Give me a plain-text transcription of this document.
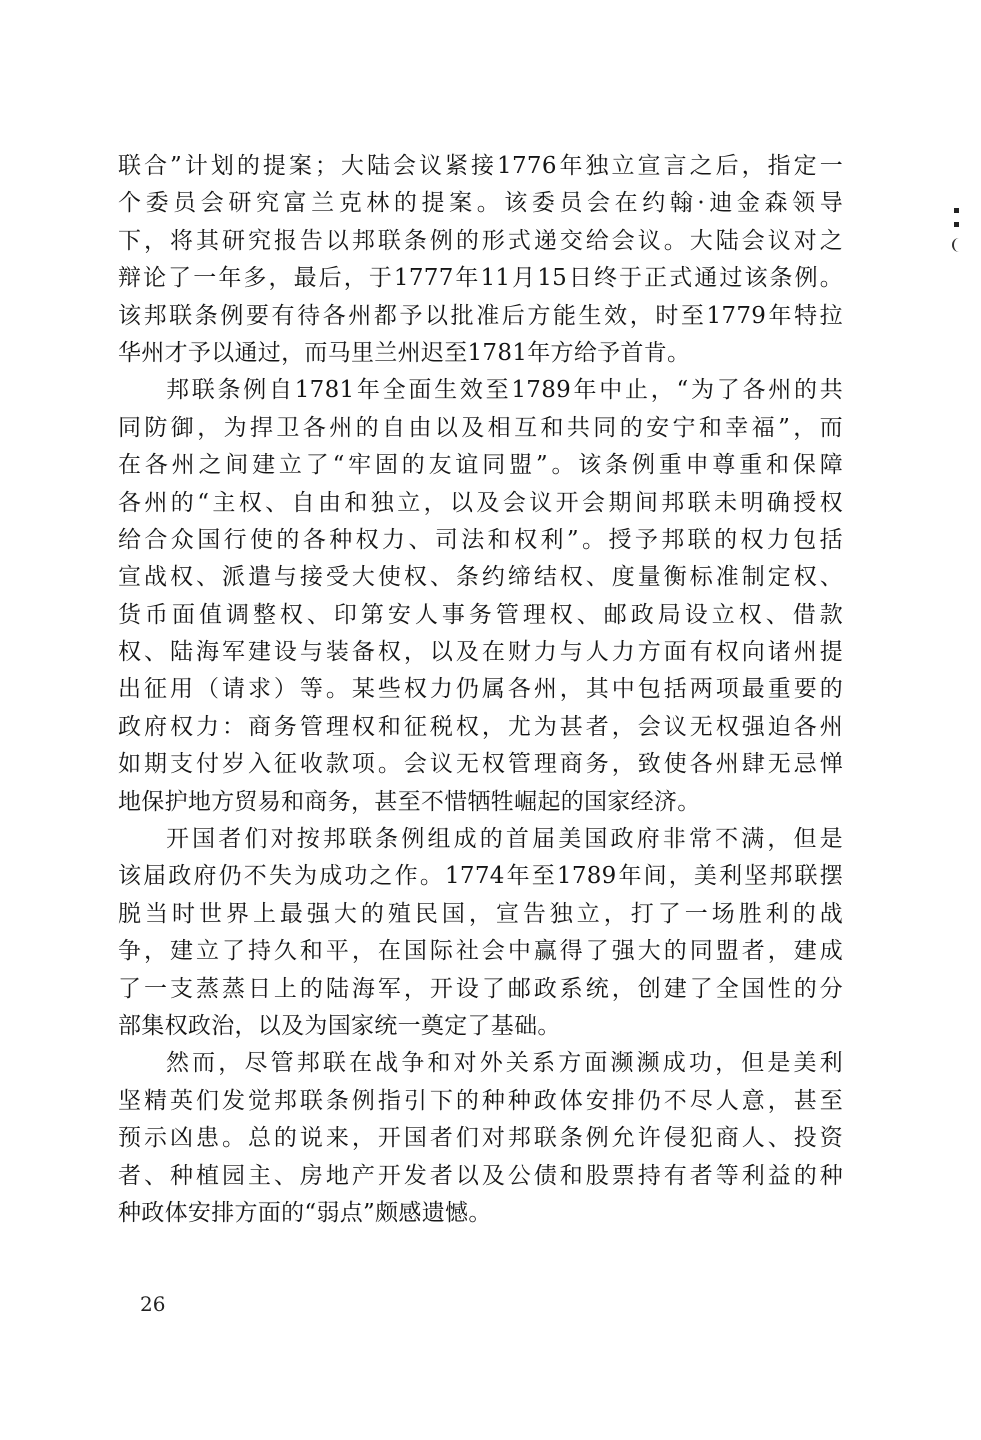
联合”计划的提案；大陆会议紧接1776年独立宣言之后，指定一
个委员会研究富兰克林的提案。该委员会在约翰·迪金森领导
下，将其研究报告以邦联条例的形式递交给会议。大陆会议对之
辩论了一年多，最后，于1777年11月15日终于正式通过该条例。
该邦联条例要有待各州都予以批准后方能生效，时至1779年特拉
华州才予以通过，而马里兰州迟至1781年方给予首肯。
邦联条例自1781年全面生效至1789年中止，“为了各州的共
同防御，为捍卫各州的自由以及相互和共同的安宁和幸福”，而
在各州之间建立了“牢固的友谊同盟”。该条例重申尊重和保障
各州的“主权、自由和独立，以及会议开会期间邦联未明确授权
给合众国行使的各种权力、司法和权利”。授予邦联的权力包括
宣战权、派遣与接受大使权、条约缔结权、度量衡标准制定权、
货币面值调整权、印第安人事务管理权、邮政局设立权、借款
权、陆海军建设与装备权，以及在财力与人力方面有权向诸州提
出征用（请求）等。某些权力仍属各州，其中包括两项最重要的
政府权力：商务管理权和征税权，尤为甚者，会议无权强迫各州
如期支付岁入征收款项。会议无权管理商务，致使各州肆无忌惮
地保护地方贸易和商务，甚至不惜牺牲崛起的国家经济。
开国者们对按邦联条例组成的首届美国政府非常不满，但是
该届政府仍不失为成功之作。1774年至1789年间，美利坚邦联摆
脱当时世界上最强大的殖民国，宣告独立，打了一场胜利的战
争，建立了持久和平，在国际社会中赢得了强大的同盟者，建成
了一支蒸蒸日上的陆海军，开设了邮政系统，创建了全国性的分
部集权政治，以及为国家统一奠定了基础。
然而，尽管邦联在战争和对外关系方面濒濒成功，但是美利
坚精英们发觉邦联条例指引下的种种政体安排仍不尽人意，甚至
预示凶患。总的说来，开国者们对邦联条例允许侵犯商人、投资
者、种植园主、房地产开发者以及公债和股票持有者等利益的种
种政体安排方面的“弱点”颇感遗憾。
26
